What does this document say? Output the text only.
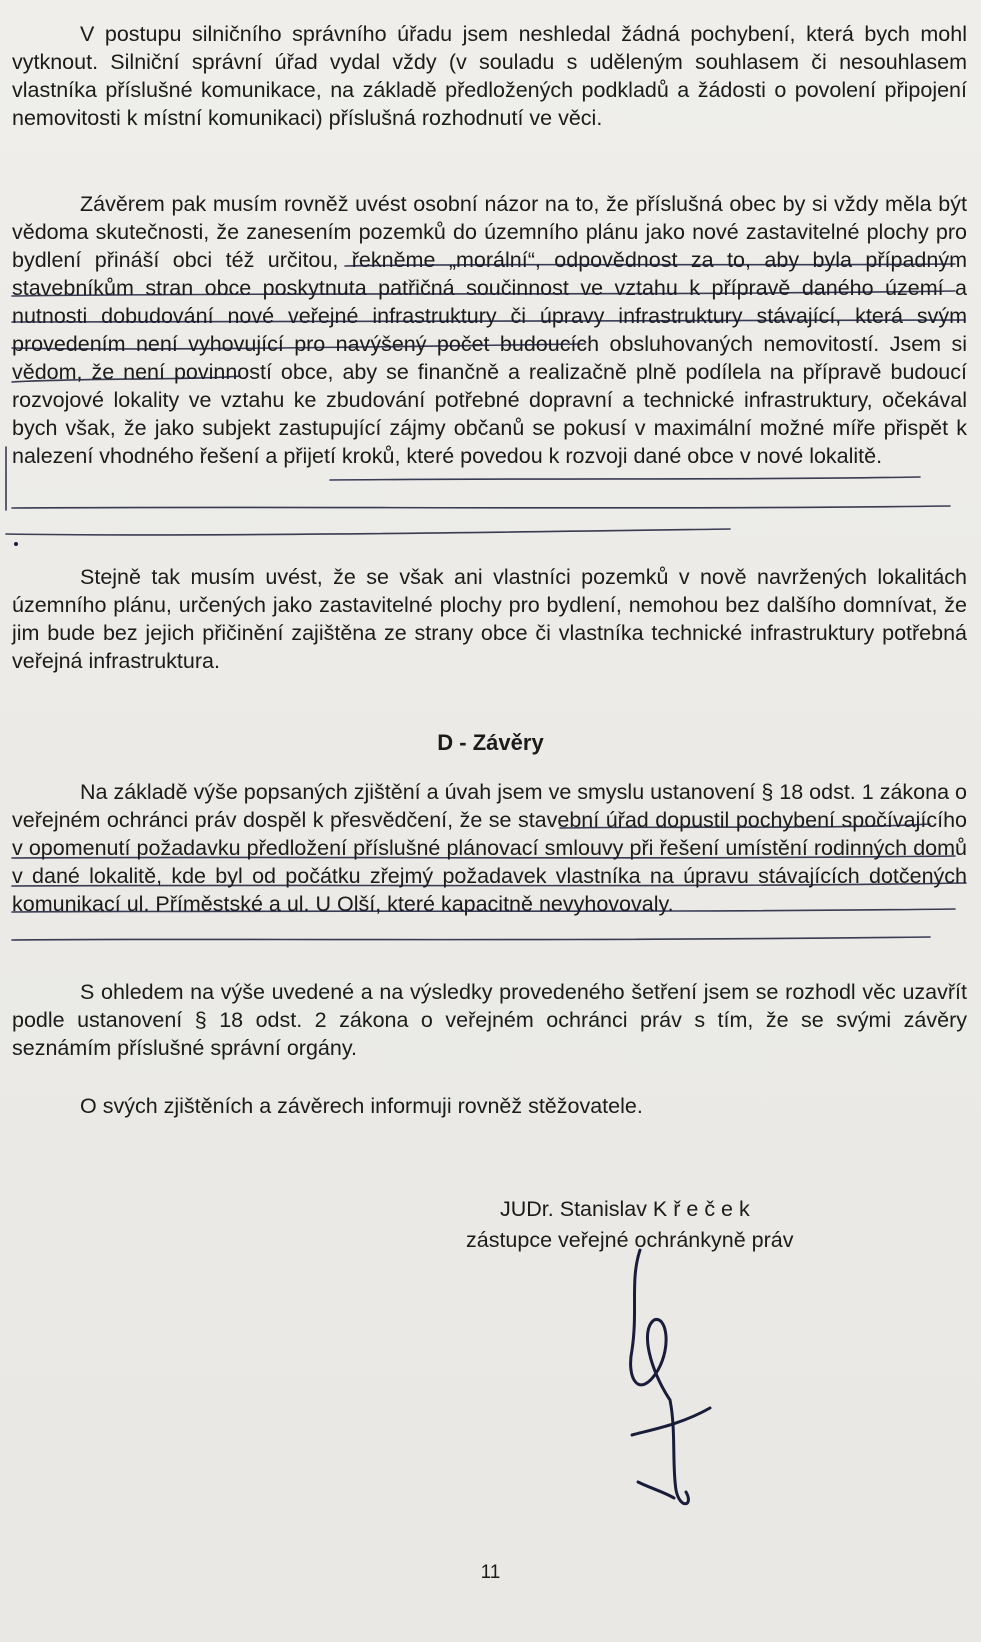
V postupu silničního správního úřadu jsem neshledal žádná pochybení, která bych mohl vytknout. Silniční správní úřad vydal vždy (v souladu s uděleným souhlasem či nesouhlasem vlastníka příslušné komunikace, na základě předložených podkladů a žádosti o povolení připojení nemovitosti k místní komunikaci) příslušná rozhodnutí ve věci.

Závěrem pak musím rovněž uvést osobní názor na to, že příslušná obec by si vždy měla být vědoma skutečnosti, že zanesením pozemků do územního plánu jako nové zastavitelné plochy pro bydlení přináší obci též určitou, řekněme „morální“, odpovědnost za to, aby byla případným stavebníkům stran obce poskytnuta patřičná součinnost ve vztahu k přípravě daného území a nutnosti dobudování nové veřejné infrastruktury či úpravy infrastruktury stávající, která svým provedením není vyhovující pro navýšený počet budoucích obsluhovaných nemovitostí. Jsem si vědom, že není povinností obce, aby se finančně a realizačně plně podílela na přípravě budoucí rozvojové lokality ve vztahu ke zbudování potřebné dopravní a technické infrastruktury, očekával bych však, že jako subjekt zastupující zájmy občanů se pokusí v maximální možné míře přispět k nalezení vhodného řešení a přijetí kroků, které povedou k rozvoji dané obce v nové lokalitě.

Stejně tak musím uvést, že se však ani vlastníci pozemků v nově navržených lokalitách územního plánu, určených jako zastavitelné plochy pro bydlení, nemohou bez dalšího domnívat, že jim bude bez jejich přičinění zajištěna ze strany obce či vlastníka technické infrastruktury potřebná veřejná infrastruktura.

D - Závěry

Na základě výše popsaných zjištění a úvah jsem ve smyslu ustanovení § 18 odst. 1 zákona o veřejném ochránci práv dospěl k přesvědčení, že se stavební úřad dopustil pochybení spočívajícího v opomenutí požadavku předložení příslušné plánovací smlouvy při řešení umístění rodinných domů v dané lokalitě, kde byl od počátku zřejmý požadavek vlastníka na úpravu stávajících dotčených komunikací ul. Příměstské a ul. U Olší, které kapacitně nevyhovovaly.

S ohledem na výše uvedené a na výsledky provedeného šetření jsem se rozhodl věc uzavřít podle ustanovení § 18 odst. 2 zákona o veřejném ochránci práv s tím, že se svými závěry seznámím příslušné správní orgány.

O svých zjištěních a závěrech informuji rovněž stěžovatele.

JUDr. Stanislav K ř e č e k
zástupce veřejné ochránkyně práv
11
